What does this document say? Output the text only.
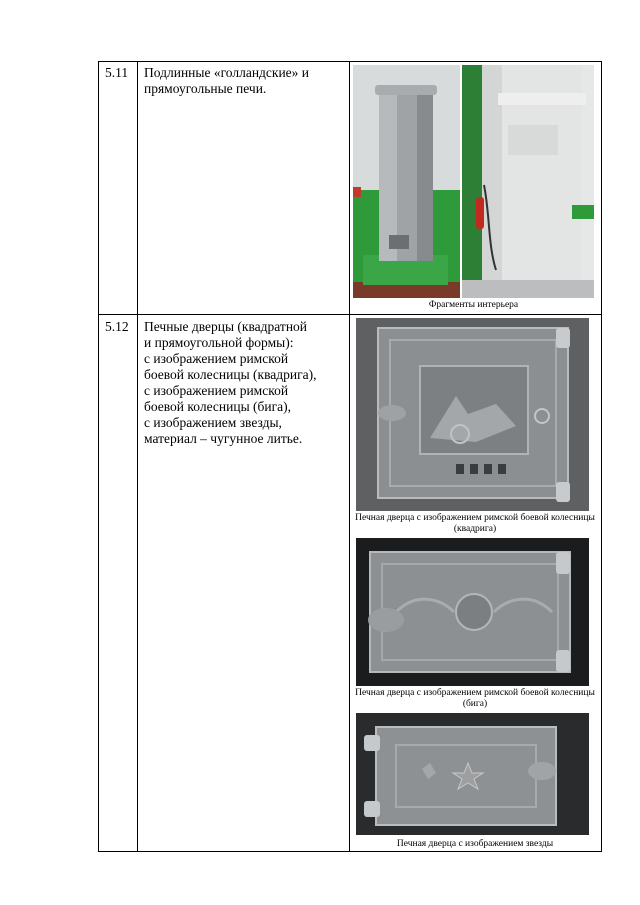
5.11 Подлинные «голландские» и
прямоугольные печи.
Фрагменты интерьера
5.12 Печные дверцы (квадратной
и прямоугольной формы):
с изображением римской
боевой колесницы (квадрига),
с изображением римской
боевой колесницы (бига),
с изображением звезды,
материал – чугунное литье.
Печная дверца с изображением римской боевой колесницы (квадрига)
Печная дверца с изображением римской боевой колесницы (бига)
Печная дверца с изображением звезды
